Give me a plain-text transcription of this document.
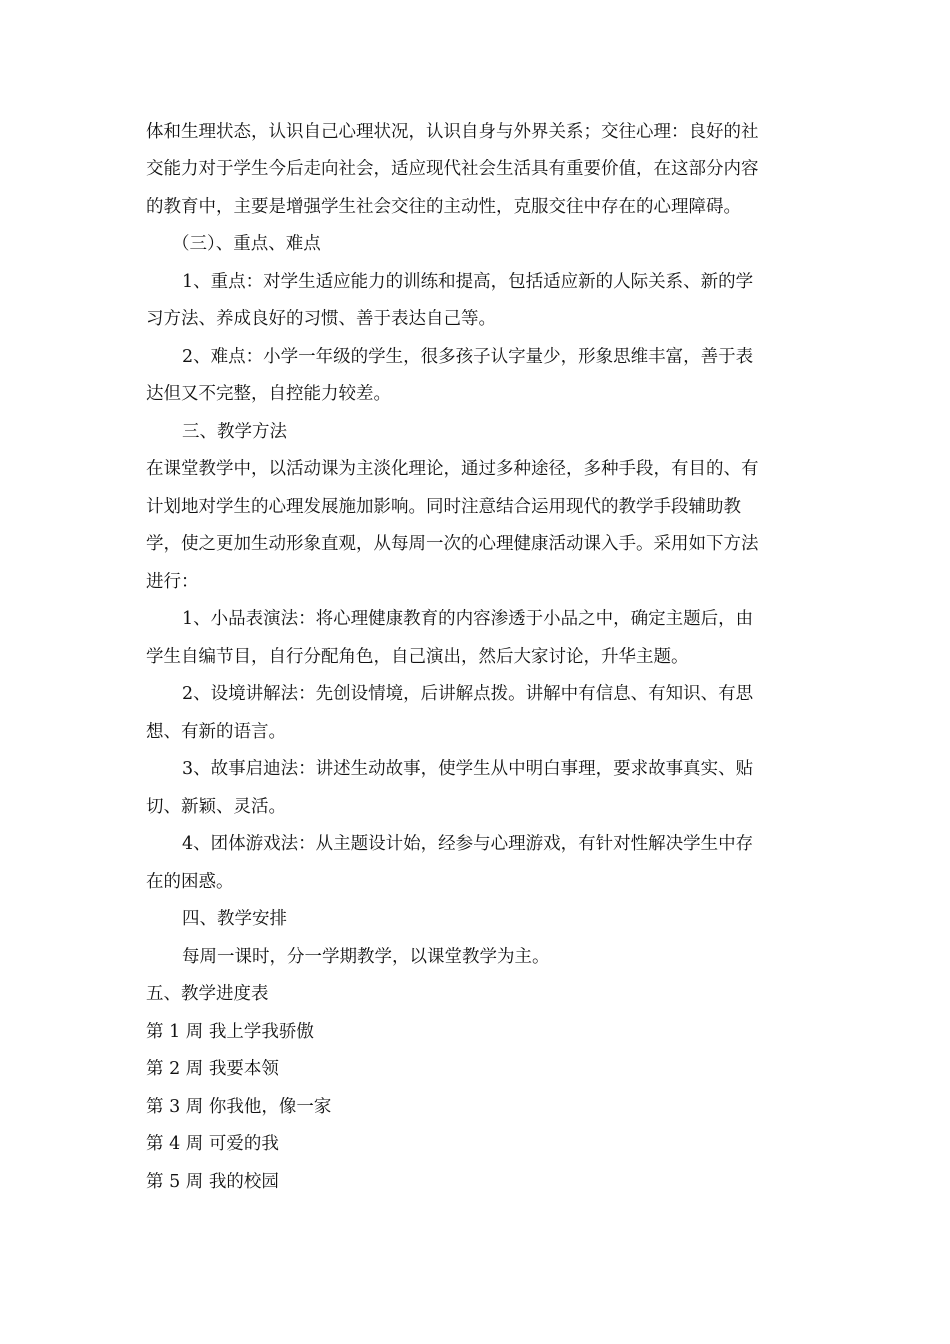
体和生理状态，认识自己心理状况，认识自身与外界关系；交往心理：良好的社
交能力对于学生今后走向社会，适应现代社会生活具有重要价值，在这部分内容
的教育中，主要是增强学生社会交往的主动性，克服交往中存在的心理障碍。
（三）、重点、难点
1、重点：对学生适应能力的训练和提高，包括适应新的人际关系、新的学
习方法、养成良好的习惯、善于表达自己等。
2、难点：小学一年级的学生，很多孩子认字量少，形象思维丰富，善于表
达但又不完整，自控能力较差。
三、教学方法
在课堂教学中，以活动课为主淡化理论，通过多种途径，多种手段，有目的、有
计划地对学生的心理发展施加影响。同时注意结合运用现代的教学手段辅助教
学，使之更加生动形象直观，从每周一次的心理健康活动课入手。采用如下方法
进行：
1、小品表演法：将心理健康教育的内容渗透于小品之中，确定主题后，由
学生自编节目，自行分配角色，自己演出，然后大家讨论，升华主题。
2、设境讲解法：先创设情境，后讲解点拨。讲解中有信息、有知识、有思
想、有新的语言。
3、故事启迪法：讲述生动故事，使学生从中明白事理，要求故事真实、贴
切、新颖、灵活。
4、团体游戏法：从主题设计始，经参与心理游戏，有针对性解决学生中存
在的困惑。
四、教学安排
每周一课时，分一学期教学，以课堂教学为主。
五、教学进度表
第 1 周 我上学我骄傲
第 2 周 我要本领
第 3 周 你我他，像一家
第 4 周 可爱的我
第 5 周 我的校园
